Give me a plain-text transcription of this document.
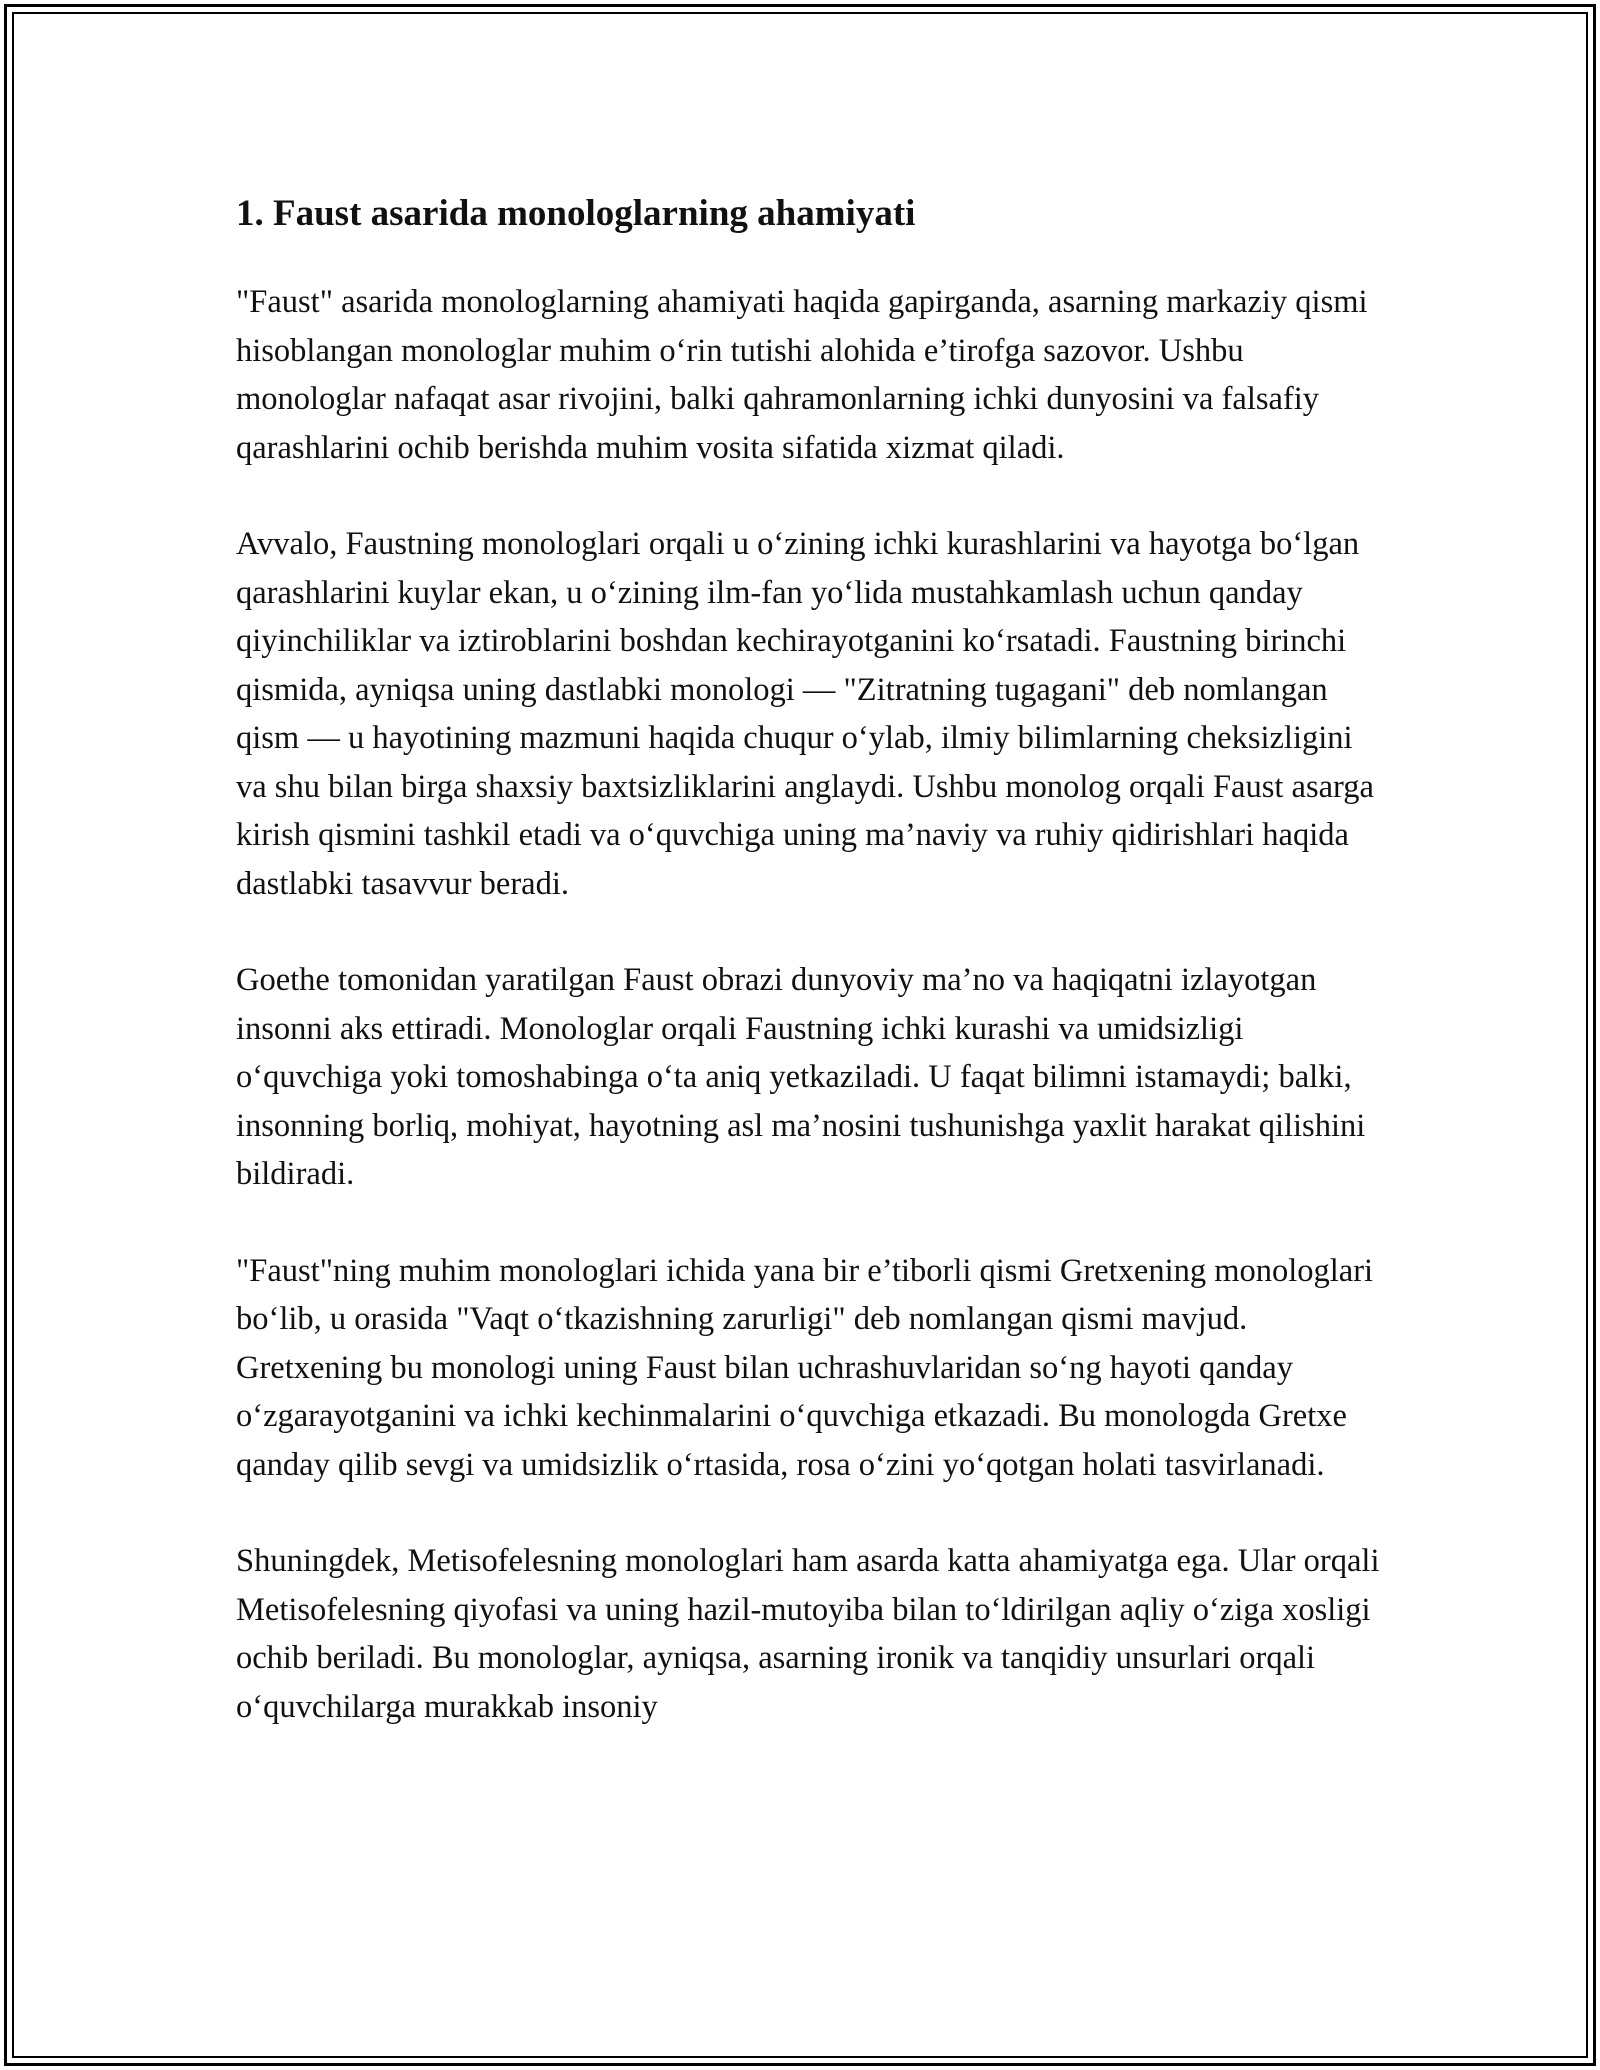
1. Faust asarida monologlarning ahamiyati

"Faust" asarida monologlarning ahamiyati haqida gapirganda, asarning markaziy qismi hisoblangan monologlar muhim o‘rin tutishi alohida e’tirofga sazovor. Ushbu monologlar nafaqat asar rivojini, balki qahramonlarning ichki dunyosini va falsafiy qarashlarini ochib berishda muhim vosita sifatida xizmat qiladi.

Avvalo, Faustning monologlari orqali u o‘zining ichki kurashlarini va hayotga bo‘lgan qarashlarini kuylar ekan, u o‘zining ilm-fan yo‘lida mustahkamlash uchun qanday qiyinchiliklar va iztiroblarini boshdan kechirayotganini ko‘rsatadi. Faustning birinchi qismida, ayniqsa uning dastlabki monologi — "Zitratning tugagani" deb nomlangan qism — u hayotining mazmuni haqida chuqur o‘ylab, ilmiy bilimlarning cheksizligini va shu bilan birga shaxsiy baxtsizliklarini anglaydi. Ushbu monolog orqali Faust asarga kirish qismini tashkil etadi va o‘quvchiga uning ma’naviy va ruhiy qidirishlari haqida dastlabki tasavvur beradi.

Goethe tomonidan yaratilgan Faust obrazi dunyoviy ma’no va haqiqatni izlayotgan insonni aks ettiradi. Monologlar orqali Faustning ichki kurashi va umidsizligi o‘quvchiga yoki tomoshabinga o‘ta aniq yetkaziladi. U faqat bilimni istamaydi; balki, insonning borliq, mohiyat, hayotning asl ma’nosini tushunishga yaxlit harakat qilishini bildiradi.

"Faust"ning muhim monologlari ichida yana bir e’tiborli qismi Gretxening monologlari bo‘lib, u orasida "Vaqt o‘tkazishning zarurligi" deb nomlangan qismi mavjud. Gretxening bu monologi uning Faust bilan uchrashuvlaridan so‘ng hayoti qanday o‘zgarayotganini va ichki kechinmalarini o‘quvchiga etkazadi. Bu monologda Gretxe qanday qilib sevgi va umidsizlik o‘rtasida, rosa o‘zini yo‘qotgan holati tasvirlanadi.

Shuningdek, Metisofelesning monologlari ham asarda katta ahamiyatga ega. Ular orqali Metisofelesning qiyofasi va uning hazil-mutoyiba bilan to‘ldirilgan aqliy o‘ziga xosligi ochib beriladi. Bu monologlar, ayniqsa, asarning ironik va tanqidiy unsurlari orqali o‘quvchilarga murakkab insoniy
